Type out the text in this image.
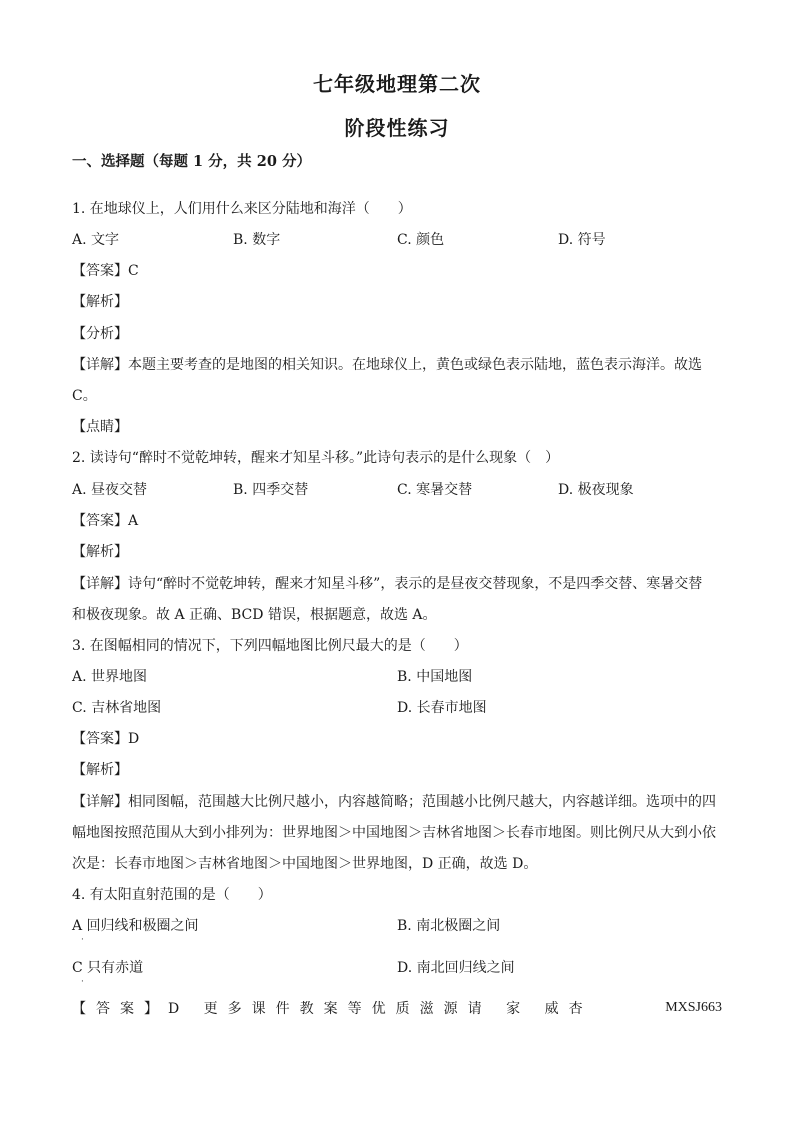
七年级地理第二次
阶段性练习
一、选择题（每题 1 分，共 20 分）
1. 在地球仪上，人们用什么来区分陆地和海洋（　　）
A. 文字	B. 数字	C. 颜色	D. 符号
【答案】C
【解析】
【分析】
【详解】本题主要考查的是地图的相关知识。在地球仪上，黄色或绿色表示陆地，蓝色表示海洋。故选
C。
【点睛】
2. 读诗句“醉时不觉乾坤转，醒来才知星斗移。”此诗句表示的是什么现象（　）
A. 昼夜交替	B. 四季交替	C. 寒暑交替	D. 极夜现象
【答案】A
【解析】
【详解】诗句“醉时不觉乾坤转，醒来才知星斗移”，表示的是昼夜交替现象，不是四季交替、寒暑交替
和极夜现象。故 A 正确、BCD 错误，根据题意，故选 A。
3. 在图幅相同的情况下，下列四幅地图比例尺最大的是（　　）
A. 世界地图	B. 中国地图
C. 吉林省地图	D. 长春市地图
【答案】D
【解析】
【详解】相同图幅，范围越大比例尺越小，内容越简略；范围越小比例尺越大，内容越详细。选项中的四
幅地图按照范围从大到小排列为：世界地图＞中国地图＞吉林省地图＞长春市地图。则比例尺从大到小依
次是：长春市地图＞吉林省地图＞中国地图＞世界地图，D 正确，故选 D。
4. 有太阳直射范围的是（　　）
A 回归线和极圈之间
·
B. 南北极圈之间
C 只有赤道
·
D. 南北回归线之间
【答案】D 更多课件教案等优质滋源请 家 威杏	MXSJ663
